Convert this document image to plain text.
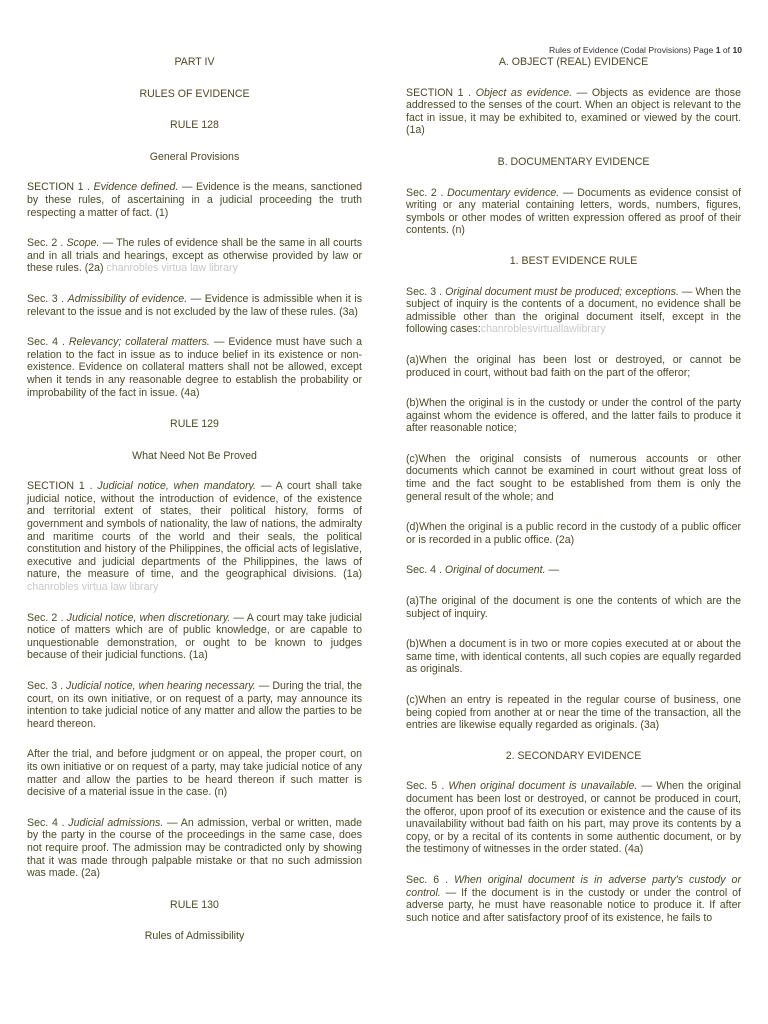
Rules of Evidence (Codal Provisions) Page 1 of 10
PART IV
RULES OF EVIDENCE
RULE 128
General Provisions
SECTION 1 . Evidence defined. — Evidence is the means, sanctioned by these rules, of ascertaining in a judicial proceeding the truth respecting a matter of fact. (1)
Sec. 2 . Scope. — The rules of evidence shall be the same in all courts and in all trials and hearings, except as otherwise provided by law or these rules. (2a) chanrobles virtua law library
Sec. 3 . Admissibility of evidence. — Evidence is admissible when it is relevant to the issue and is not excluded by the law of these rules. (3a)
Sec. 4 . Relevancy; collateral matters. — Evidence must have such a relation to the fact in issue as to induce belief in its existence or non-existence. Evidence on collateral matters shall not be allowed, except when it tends in any reasonable degree to establish the probability or improbability of the fact in issue. (4a)
RULE 129
What Need Not Be Proved
SECTION 1 . Judicial notice, when mandatory. — A court shall take judicial notice, without the introduction of evidence, of the existence and territorial extent of states, their political history, forms of government and symbols of nationality, the law of nations, the admiralty and maritime courts of the world and their seals, the political constitution and history of the Philippines, the official acts of legislative, executive and judicial departments of the Philippines, the laws of nature, the measure of time, and the geographical divisions. (1a) chanrobles virtua law library
Sec. 2 . Judicial notice, when discretionary. — A court may take judicial notice of matters which are of public knowledge, or are capable to unquestionable demonstration, or ought to be known to judges because of their judicial functions. (1a)
Sec. 3 . Judicial notice, when hearing necessary. — During the trial, the court, on its own initiative, or on request of a party, may announce its intention to take judicial notice of any matter and allow the parties to be heard thereon.
After the trial, and before judgment or on appeal, the proper court, on its own initiative or on request of a party, may take judicial notice of any matter and allow the parties to be heard thereon if such matter is decisive of a material issue in the case. (n)
Sec. 4 . Judicial admissions. — An admission, verbal or written, made by the party in the course of the proceedings in the same case, does not require proof. The admission may be contradicted only by showing that it was made through palpable mistake or that no such admission was made. (2a)
RULE 130
Rules of Admissibility
A. OBJECT (REAL) EVIDENCE
SECTION 1 . Object as evidence. — Objects as evidence are those addressed to the senses of the court. When an object is relevant to the fact in issue, it may be exhibited to, examined or viewed by the court. (1a)
B. DOCUMENTARY EVIDENCE
Sec. 2 . Documentary evidence. — Documents as evidence consist of writing or any material containing letters, words, numbers, figures, symbols or other modes of written expression offered as proof of their contents. (n)
1. BEST EVIDENCE RULE
Sec. 3 . Original document must be produced; exceptions. — When the subject of inquiry is the contents of a document, no evidence shall be admissible other than the original document itself, except in the following cases:chanroblesvirtuallawlibrary
(a)When the original has been lost or destroyed, or cannot be produced in court, without bad faith on the part of the offeror;
(b)When the original is in the custody or under the control of the party against whom the evidence is offered, and the latter fails to produce it after reasonable notice;
(c)When the original consists of numerous accounts or other documents which cannot be examined in court without great loss of time and the fact sought to be established from them is only the general result of the whole; and
(d)When the original is a public record in the custody of a public officer or is recorded in a public office. (2a)
Sec. 4 . Original of document. —
(a)The original of the document is one the contents of which are the subject of inquiry.
(b)When a document is in two or more copies executed at or about the same time, with identical contents, all such copies are equally regarded as originals.
(c)When an entry is repeated in the regular course of business, one being copied from another at or near the time of the transaction, all the entries are likewise equally regarded as originals. (3a)
2. SECONDARY EVIDENCE
Sec. 5 . When original document is unavailable. — When the original document has been lost or destroyed, or cannot be produced in court, the offeror, upon proof of its execution or existence and the cause of its unavailability without bad faith on his part, may prove its contents by a copy, or by a recital of its contents in some authentic document, or by the testimony of witnesses in the order stated. (4a)
Sec. 6 . When original document is in adverse party's custody or control. — If the document is in the custody or under the control of adverse party, he must have reasonable notice to produce it. If after such notice and after satisfactory proof of its existence, he fails to
